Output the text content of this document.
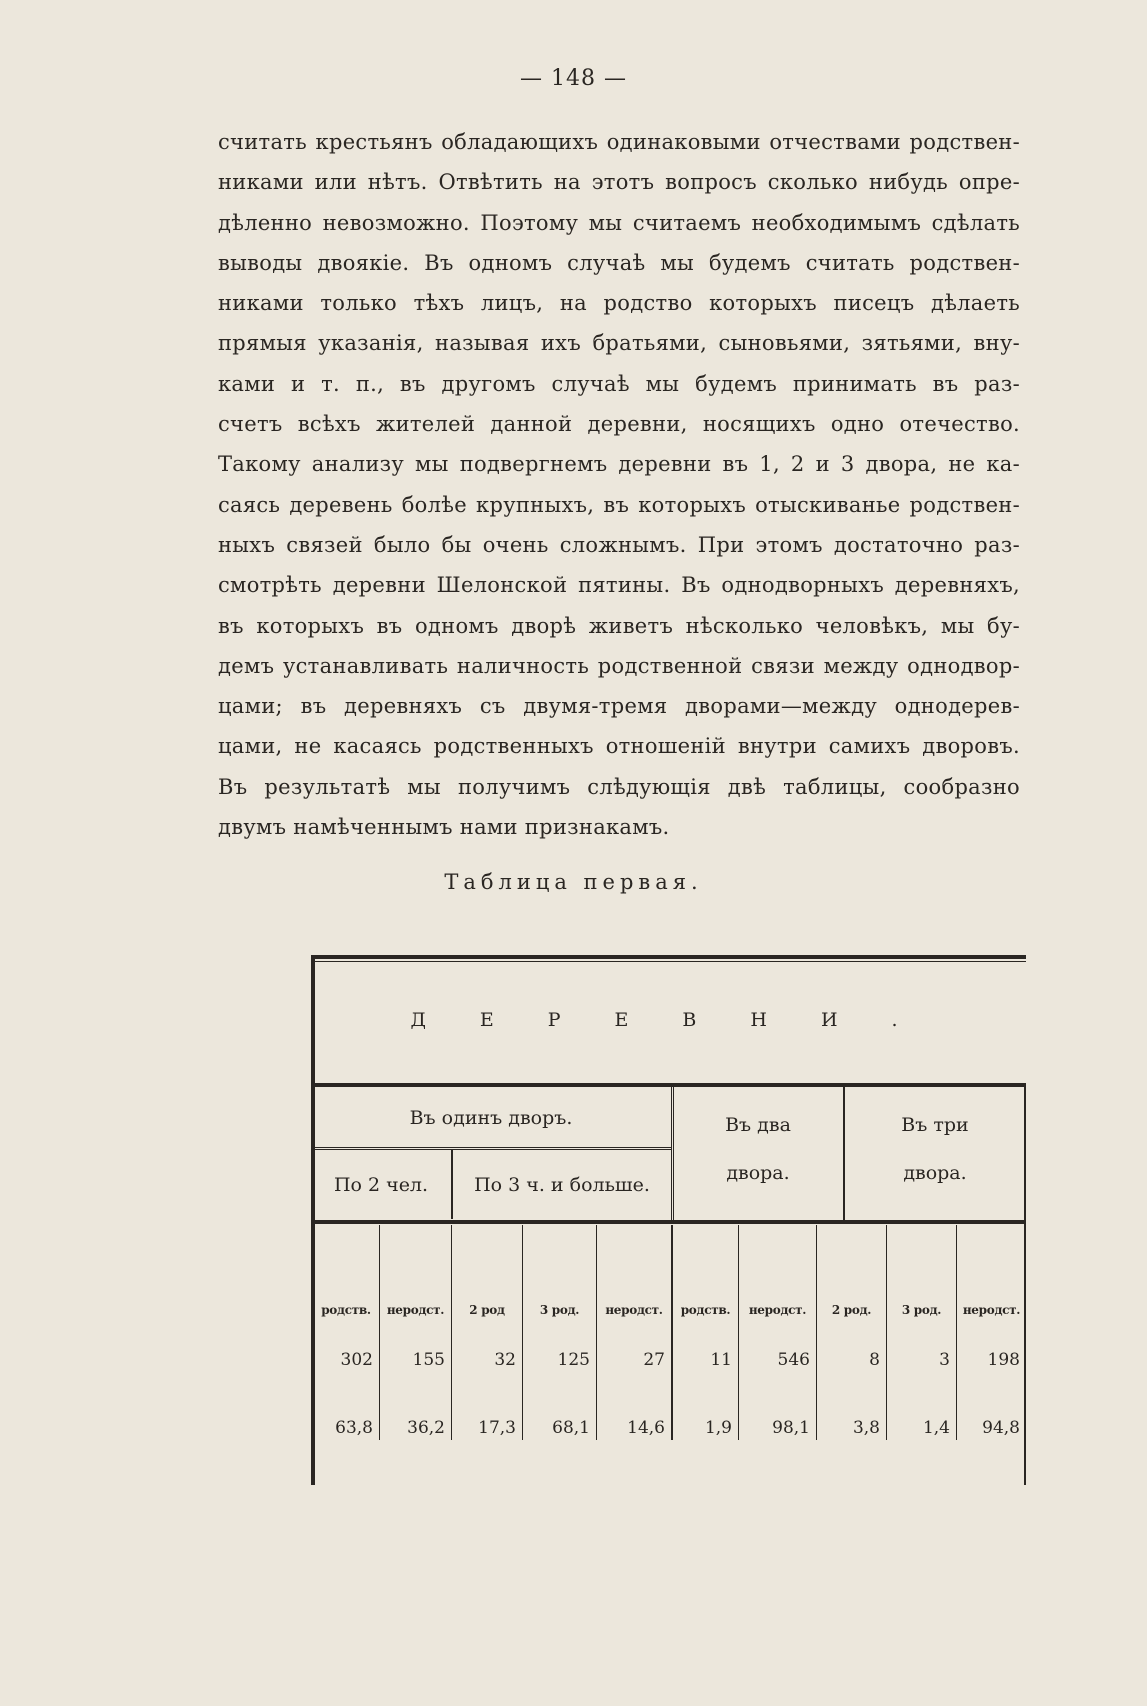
— 148 —
считать крестьянъ обладающихъ одинаковыми отчествами родствен-
никами или нѣтъ. Отвѣтить на этотъ вопросъ сколько нибудь опре-
дѣленно невозможно. Поэтому мы считаемъ необходимымъ сдѣлать
выводы двоякіе. Въ одномъ случаѣ мы будемъ считать родствен-
никами только тѣхъ лицъ, на родство которыхъ писецъ дѣлаеть
прямыя указанія, называя ихъ братьями, сыновьями, зятьями, вну-
ками и т. п., въ другомъ случаѣ мы будемъ принимать въ раз-
счетъ всѣхъ жителей данной деревни, носящихъ одно отечество.
Такому анализу мы подвергнемъ деревни въ 1, 2 и 3 двора, не ка-
саясь деревень болѣе крупныхъ, въ которыхъ отыскиванье родствен-
ныхъ связей было бы очень сложнымъ. При этомъ достаточно раз-
смотрѣть деревни Шелонской пятины. Въ однодворныхъ деревняхъ,
въ которыхъ въ одномъ дворѣ живетъ нѣсколько человѣкъ, мы бу-
демъ устанавливать наличность родственной связи между однодвор-
цами; въ деревняхъ съ двумя-тремя дворами—между однодерев-
цами, не касаясь родственныхъ отношеній внутри самихъ дворовъ.
Въ результатѣ мы получимъ слѣдующія двѣ таблицы, сообразно
двумъ намѣченнымъ нами признакамъ.
Таблица первая.
ДЕРЕВНИ.
Въ одинъ дворъ.
По 2 чел.	По 3 ч. и больше.
Въ два
двора.
Въ три
двора.
родств.	неродст.	2 род	3 род.	неродст.	родств.	неродст.	2 род.	3 род.	неродст.
302	155	32	125	27	11	546	8	3	198
63,8	36,2	17,3	68,1	14,6	1,9	98,1	3,8	1,4	94,8
